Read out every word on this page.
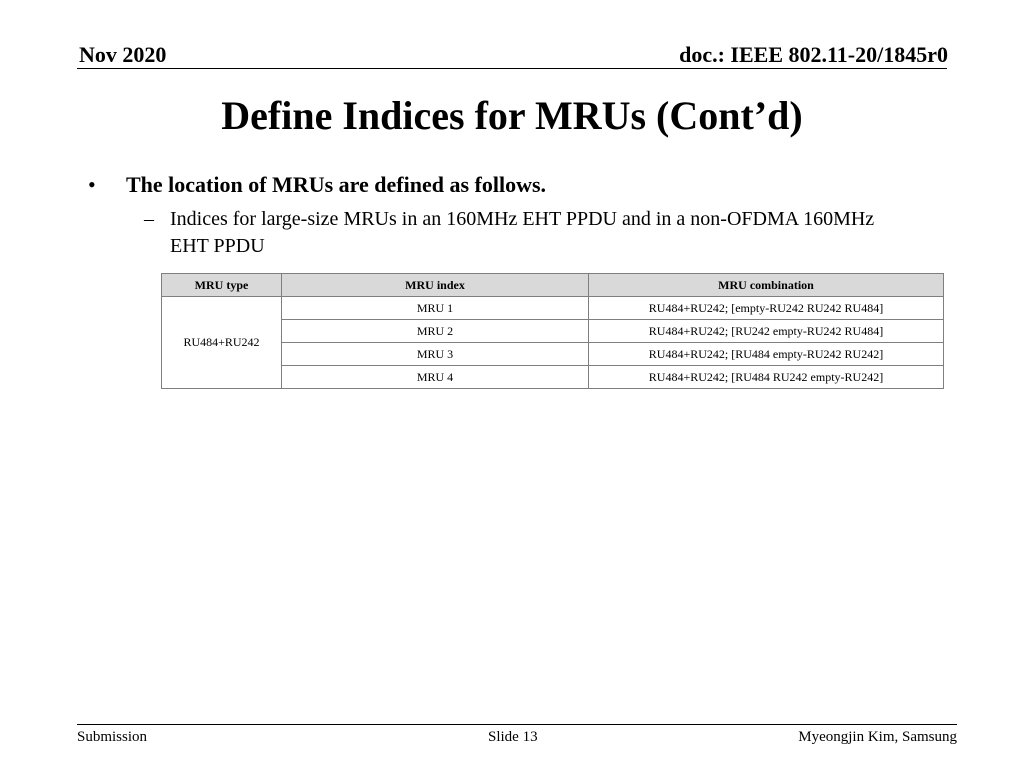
Nov 2020	doc.: IEEE 802.11-20/1845r0
Define Indices for MRUs (Cont’d)
•	The location of MRUs are defined as follows.
– Indices for large-size MRUs in an 160MHz EHT PPDU and in a non-OFDMA 160MHz EHT PPDU
MRU type	MRU index	MRU combination
RU484+RU242	MRU 1	RU484+RU242; [empty-RU242 RU242 RU484]
	MRU 2	RU484+RU242; [RU242 empty-RU242 RU484]
	MRU 3	RU484+RU242; [RU484 empty-RU242 RU242]
	MRU 4	RU484+RU242; [RU484 RU242 empty-RU242]
Submission	Slide 13	Myeongjin Kim, Samsung
